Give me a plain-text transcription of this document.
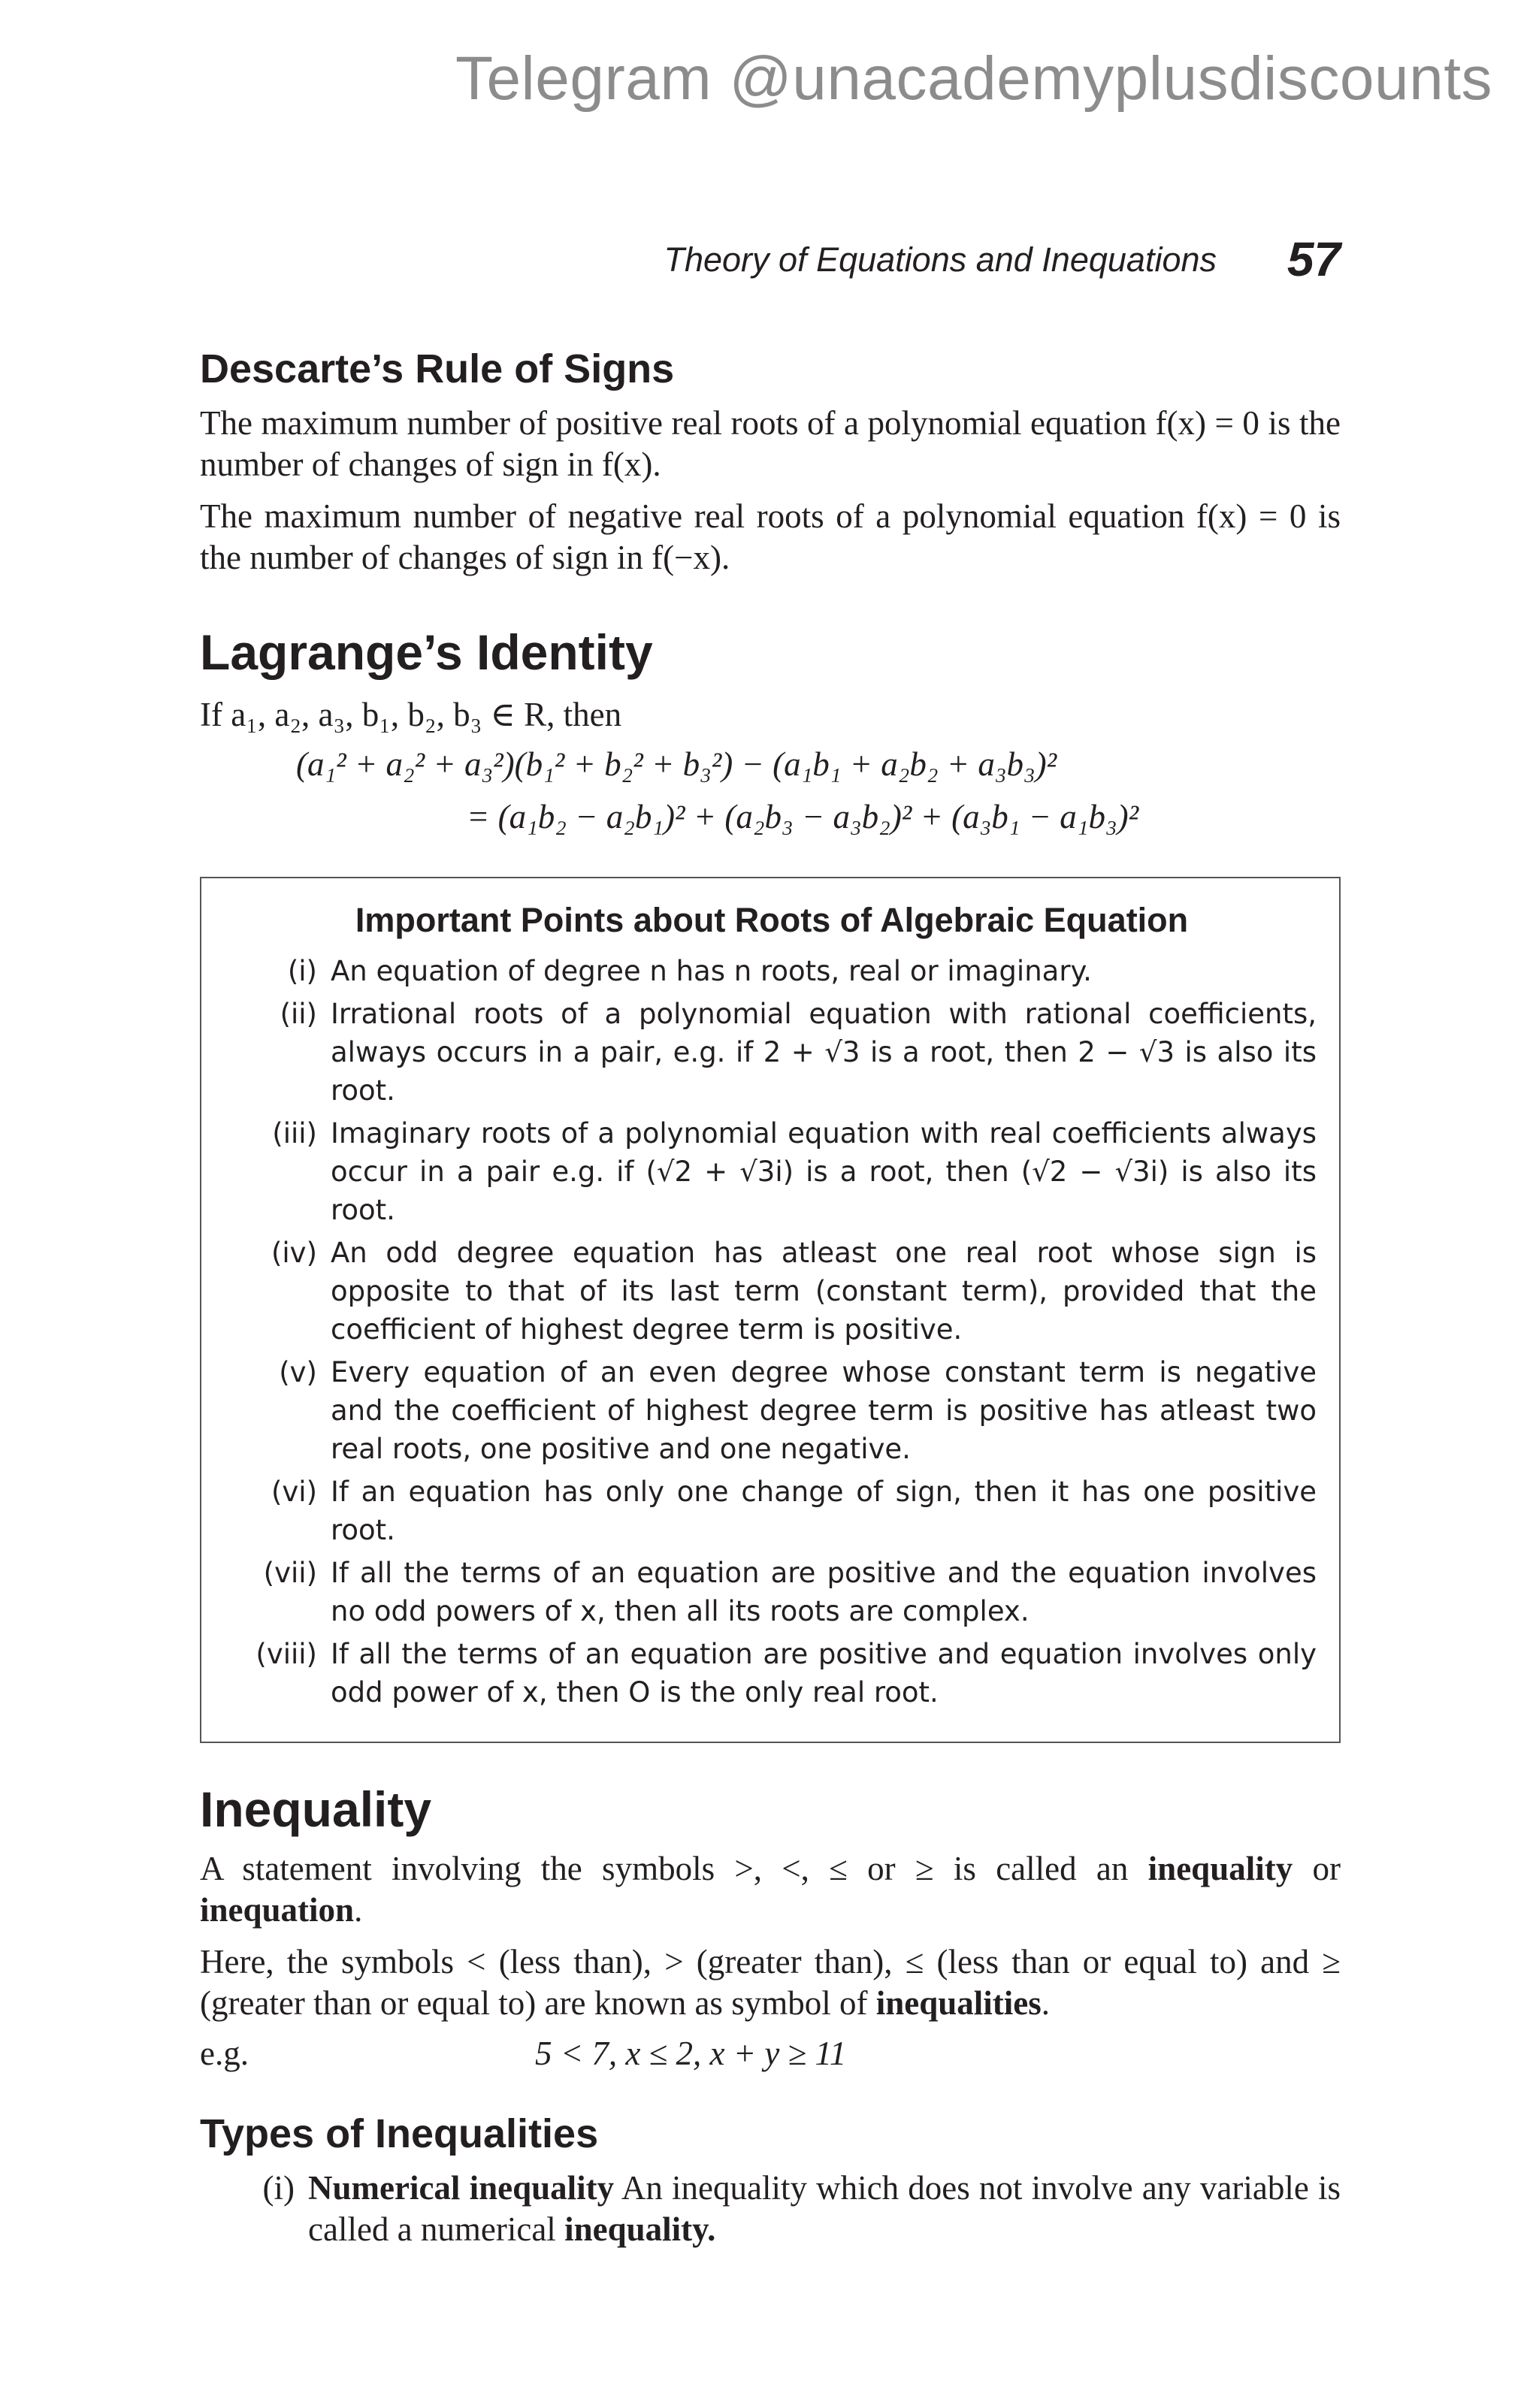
Telegram @unacademyplusdiscounts
Theory of Equations and Inequations 57
Descarte’s Rule of Signs

The maximum number of positive real roots of a polynomial equation f(x) = 0 is the number of changes of sign in f(x).

The maximum number of negative real roots of a polynomial equation f(x) = 0 is the number of changes of sign in f(−x).

Lagrange’s Identity

If a₁, a₂, a₃, b₁, b₂, b₃ ∈ R, then

(a₁² + a₂² + a₃²)(b₁² + b₂² + b₃²) − (a₁b₁ + a₂b₂ + a₃b₃)²
= (a₁b₂ − a₂b₁)² + (a₂b₃ − a₃b₂)² + (a₃b₁ − a₁b₃)²
Important Points about Roots of Algebraic Equation
(i) An equation of degree n has n roots, real or imaginary.
(ii) Irrational roots of a polynomial equation with rational coefficients, always occurs in a pair, e.g. if 2 + √3 is a root, then 2 − √3 is also its root.
(iii) Imaginary roots of a polynomial equation with real coefficients always occur in a pair e.g. if (√2 + √3i) is a root, then (√2 − √3i) is also its root.
(iv) An odd degree equation has atleast one real root whose sign is opposite to that of its last term (constant term), provided that the coefficient of highest degree term is positive.
(v) Every equation of an even degree whose constant term is negative and the coefficient of highest degree term is positive has atleast two real roots, one positive and one negative.
(vi) If an equation has only one change of sign, then it has one positive root.
(vii) If all the terms of an equation are positive and the equation involves no odd powers of x, then all its roots are complex.
(viii) If all the terms of an equation are positive and equation involves only odd power of x, then O is the only real root.
Inequality

A statement involving the symbols >, <, ≤ or ≥ is called an inequality or inequation.

Here, the symbols < (less than), > (greater than), ≤ (less than or equal to) and ≥ (greater than or equal to) are known as symbol of inequalities.

e.g.	5 < 7, x ≤ 2, x + y ≥ 11
Types of Inequalities
(i) Numerical inequality An inequality which does not involve any variable is called a numerical inequality.
